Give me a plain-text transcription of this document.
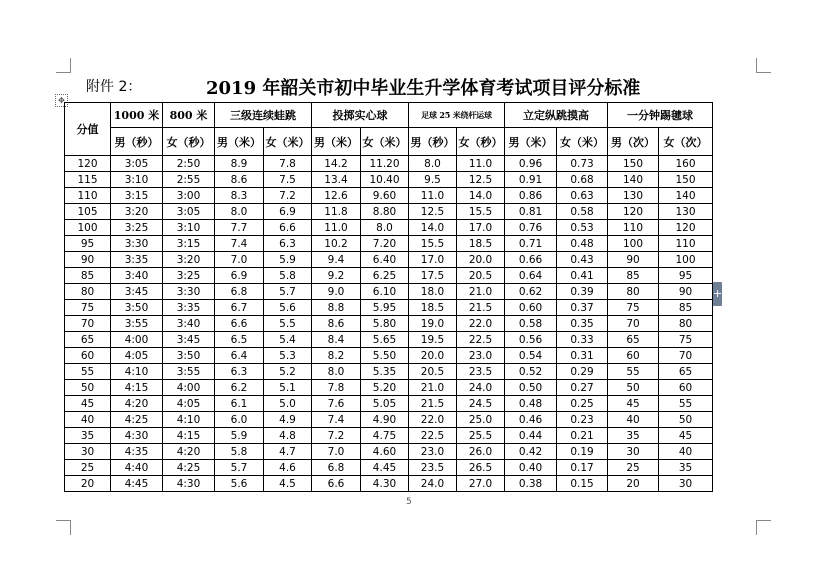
✥
+
附件 2：	2019 年韶关市初中毕业生升学体育考试项目评分标准
分值	1000 米	800 米	三级连续蛙跳		投掷实心球		足球 25 米绕杆运球		立定纵跳摸高		一分钟踢毽球	
	男（秒）	女（秒）	男（米）	女（米）	男（米）	女（米）	男（秒）	女（秒）	男（米）	女（米）	男（次）	女（次）
120	3:05	2:50	8.9	7.8	14.2	11.20	8.0	11.0	0.96	0.73	150	160
115	3:10	2:55	8.6	7.5	13.4	10.40	9.5	12.5	0.91	0.68	140	150
110	3:15	3:00	8.3	7.2	12.6	9.60	11.0	14.0	0.86	0.63	130	140
105	3:20	3:05	8.0	6.9	11.8	8.80	12.5	15.5	0.81	0.58	120	130
100	3:25	3:10	7.7	6.6	11.0	8.0	14.0	17.0	0.76	0.53	110	120
95	3:30	3:15	7.4	6.3	10.2	7.20	15.5	18.5	0.71	0.48	100	110
90	3:35	3:20	7.0	5.9	9.4	6.40	17.0	20.0	0.66	0.43	90	100
85	3:40	3:25	6.9	5.8	9.2	6.25	17.5	20.5	0.64	0.41	85	95
80	3:45	3:30	6.8	5.7	9.0	6.10	18.0	21.0	0.62	0.39	80	90
75	3:50	3:35	6.7	5.6	8.8	5.95	18.5	21.5	0.60	0.37	75	85
70	3:55	3:40	6.6	5.5	8.6	5.80	19.0	22.0	0.58	0.35	70	80
65	4:00	3:45	6.5	5.4	8.4	5.65	19.5	22.5	0.56	0.33	65	75
60	4:05	3:50	6.4	5.3	8.2	5.50	20.0	23.0	0.54	0.31	60	70
55	4:10	3:55	6.3	5.2	8.0	5.35	20.5	23.5	0.52	0.29	55	65
50	4:15	4:00	6.2	5.1	7.8	5.20	21.0	24.0	0.50	0.27	50	60
45	4:20	4:05	6.1	5.0	7.6	5.05	21.5	24.5	0.48	0.25	45	55
40	4:25	4:10	6.0	4.9	7.4	4.90	22.0	25.0	0.46	0.23	40	50
35	4:30	4:15	5.9	4.8	7.2	4.75	22.5	25.5	0.44	0.21	35	45
30	4:35	4:20	5.8	4.7	7.0	4.60	23.0	26.0	0.42	0.19	30	40
25	4:40	4:25	5.7	4.6	6.8	4.45	23.5	26.5	0.40	0.17	25	35
20	4:45	4:30	5.6	4.5	6.6	4.30	24.0	27.0	0.38	0.15	20	30
5
